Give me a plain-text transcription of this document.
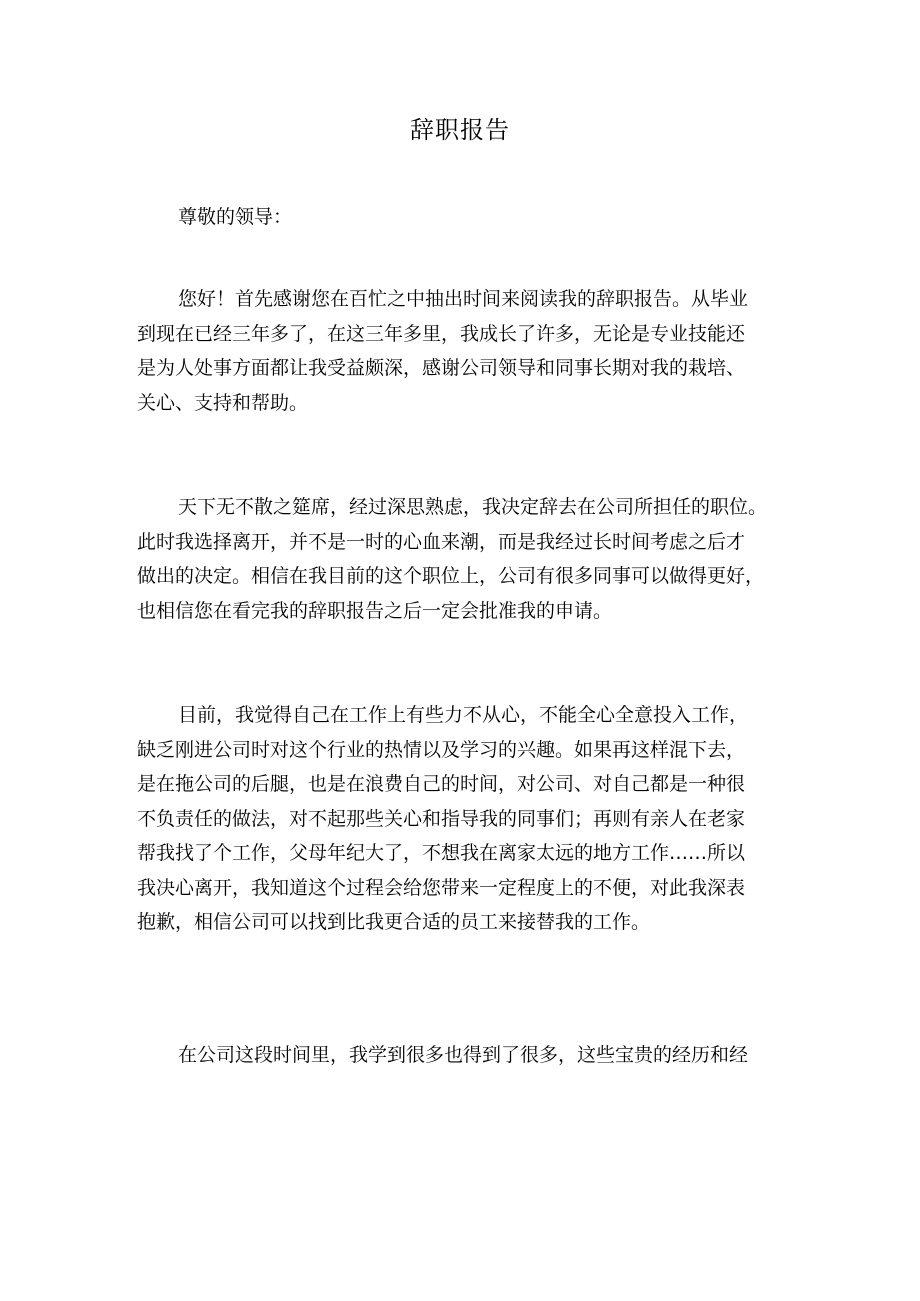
辞职报告
尊敬的领导：
您好！首先感谢您在百忙之中抽出时间来阅读我的辞职报告。从毕业
到现在已经三年多了，在这三年多里，我成长了许多，无论是专业技能还
是为人处事方面都让我受益颇深，感谢公司领导和同事长期对我的栽培、
关心、支持和帮助。
天下无不散之筵席，经过深思熟虑，我决定辞去在公司所担任的职位。
此时我选择离开，并不是一时的心血来潮，而是我经过长时间考虑之后才
做出的决定。相信在我目前的这个职位上，公司有很多同事可以做得更好，
也相信您在看完我的辞职报告之后一定会批准我的申请。
目前，我觉得自己在工作上有些力不从心，不能全心全意投入工作，
缺乏刚进公司时对这个行业的热情以及学习的兴趣。如果再这样混下去，
是在拖公司的后腿，也是在浪费自己的时间，对公司、对自己都是一种很
不负责任的做法，对不起那些关心和指导我的同事们；再则有亲人在老家
帮我找了个工作，父母年纪大了，不想我在离家太远的地方工作……所以
我决心离开，我知道这个过程会给您带来一定程度上的不便，对此我深表
抱歉，相信公司可以找到比我更合适的员工来接替我的工作。
在公司这段时间里，我学到很多也得到了很多，这些宝贵的经历和经
